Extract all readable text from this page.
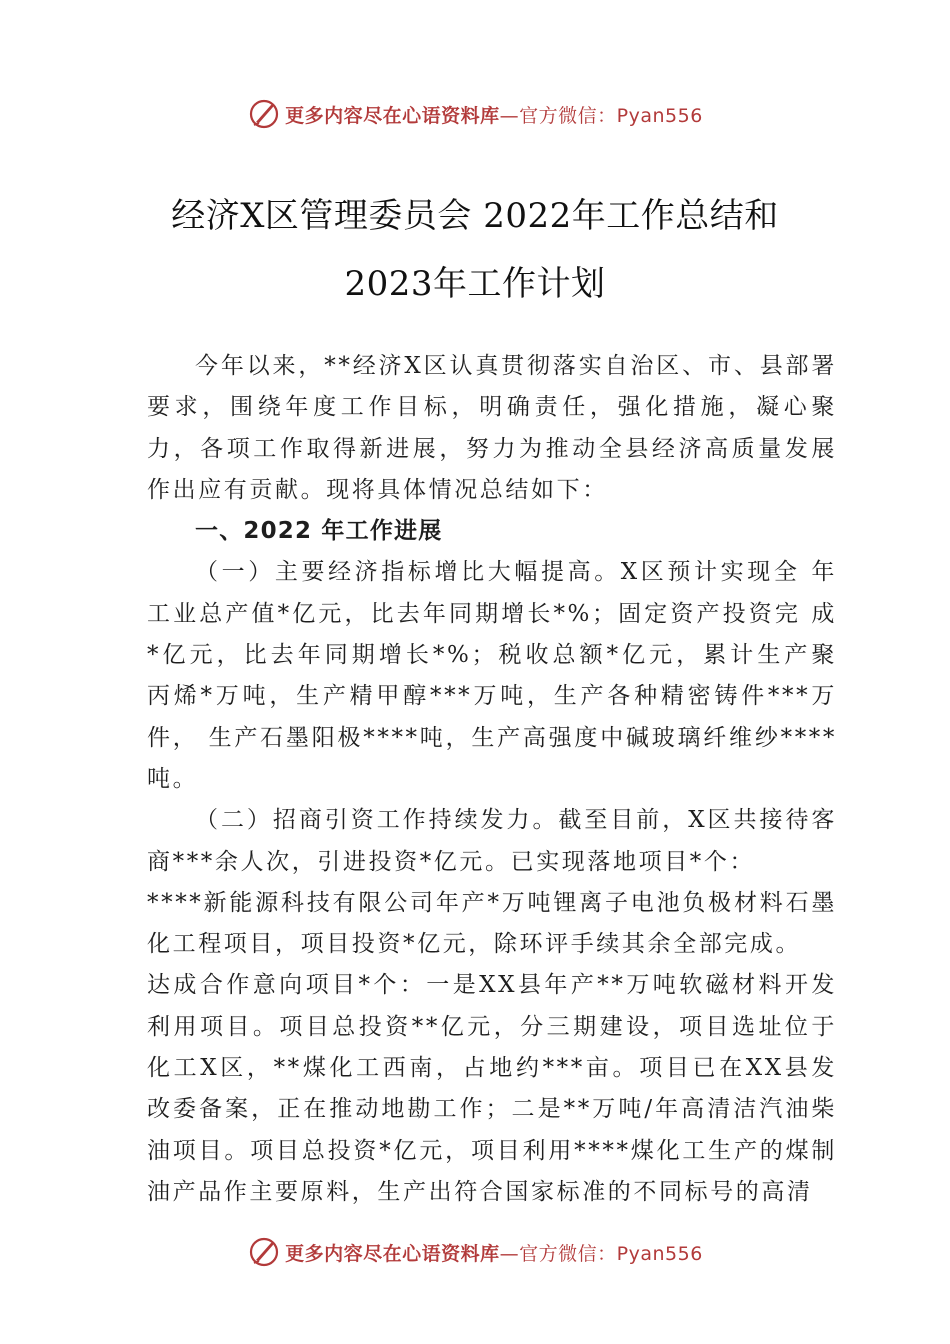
更多内容尽在心语资料库—官方微信：Pyan556
经济X区管理委员会 2022年工作总结和
2023年工作计划

今年以来，**经济X区认真贯彻落实自治区、市、县部署要求，围绕年度工作目标，明确责任，强化措施，凝心聚力，各项工作取得新进展，努力为推动全县经济高质量发展作出应有贡献。现将具体情况总结如下：

一、2022 年工作进展

（一）主要经济指标增比大幅提高。X区预计实现全 年工业总产值*亿元，比去年同期增长*%；固定资产投资完 成*亿元，比去年同期增长*%；税收总额*亿元，累计生产聚 丙烯*万吨，生产精甲醇***万吨，生产各种精密铸件***万件， 生产石墨阳极****吨，生产高强度中碱玻璃纤维纱****吨。

（二）招商引资工作持续发力。截至目前，X区共接待客商***余人次，引进投资*亿元。已实现落地项目*个：

****新能源科技有限公司年产*万吨锂离子电池负极材料石墨化工程项目，项目投资*亿元，除环评手续其余全部完成。

达成合作意向项目*个：一是XX县年产**万吨软磁材料开发利用项目。项目总投资**亿元，分三期建设，项目选址位于化工X区，**煤化工西南，占地约***亩。项目已在XX县发改委备案，正在推动地勘工作；二是**万吨/年高清洁汽油柴油项目。项目总投资*亿元，项目利用****煤化工生产的煤制油产品作主要原料，生产出符合国家标准的不同标号的高清

更多内容尽在心语资料库—官方微信：Pyan556
